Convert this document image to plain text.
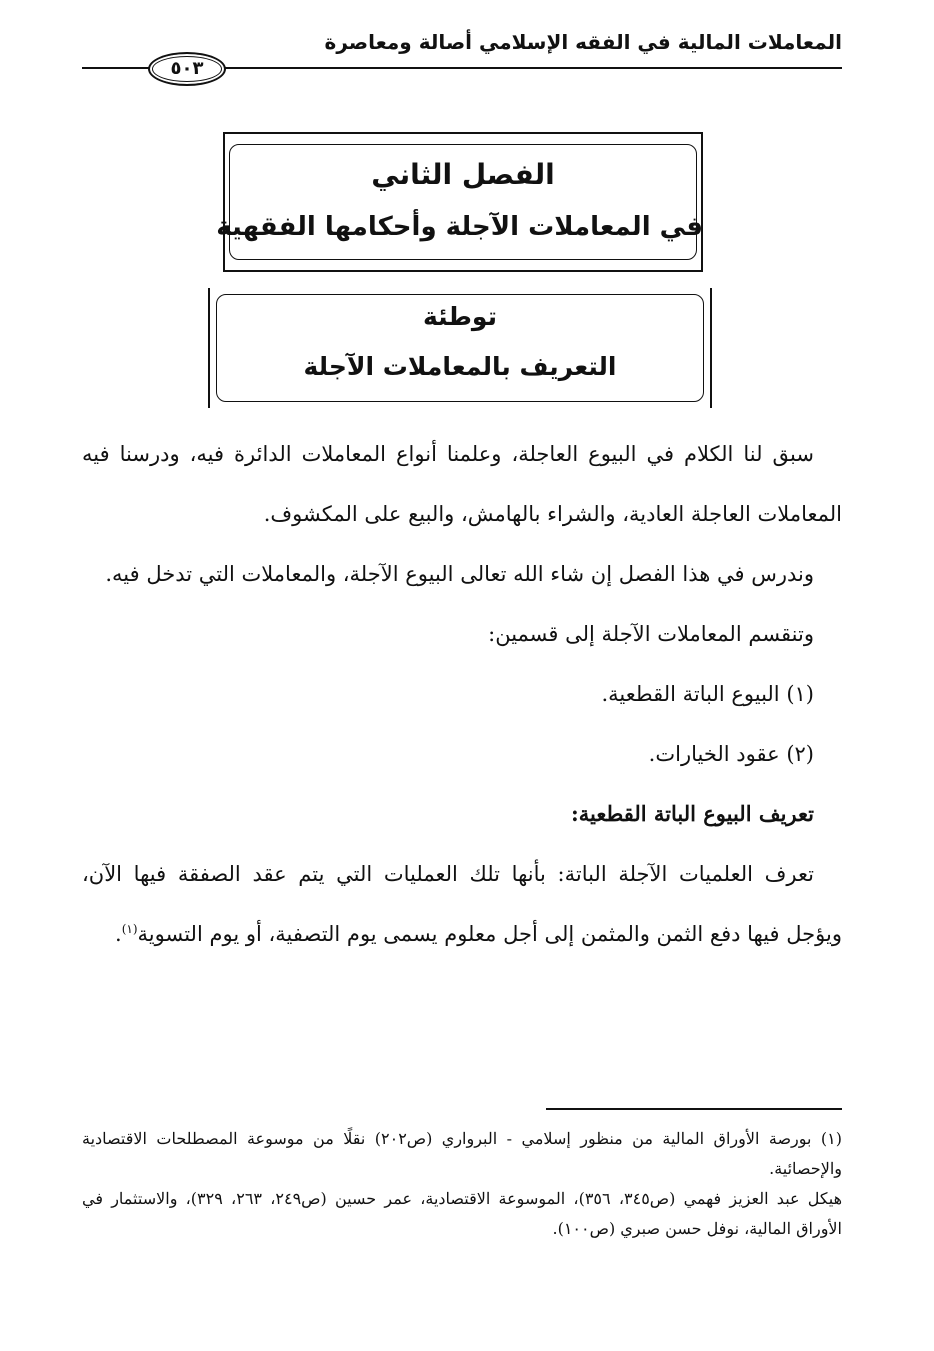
المعاملات المالية في الفقه الإسلامي أصالة ومعاصرة
٥٠٣
الفصل الثاني
في المعاملات الآجلة وأحكامها الفقهية
توطئة
التعريف بالمعاملات الآجلة

سبق لنا الكلام في البيوع العاجلة، وعلمنا أنواع المعاملات الدائرة فيه، ودرسنا فيه المعاملات العاجلة العادية، والشراء بالهامش، والبيع على المكشوف.

وندرس في هذا الفصل إن شاء الله تعالى البيوع الآجلة، والمعاملات التي تدخل فيه.

وتنقسم المعاملات الآجلة إلى قسمين:

(١) البيوع الباتة القطعية.

(٢) عقود الخيارات.

تعريف البيوع الباتة القطعية:

تعرف العلميات الآجلة الباتة: بأنها تلك العمليات التي يتم عقد الصفقة فيها الآن، ويؤجل فيها دفع الثمن والمثمن إلى أجل معلوم يسمى يوم التصفية، أو يوم التسوية$^{(١)}$.

(١) بورصة الأوراق المالية من منظور إسلامي - البرواري (ص٢٠٢) نقلًا من موسوعة المصطلحات الاقتصادية والإحصائية.

هيكل عبد العزيز فهمي (ص٣٤٥، ٣٥٦)، الموسوعة الاقتصادية، عمر حسين (ص٢٤٩، ٢٦٣، ٣٢٩)، والاستثمار في الأوراق المالية، نوفل حسن صبري (ص١٠٠).
